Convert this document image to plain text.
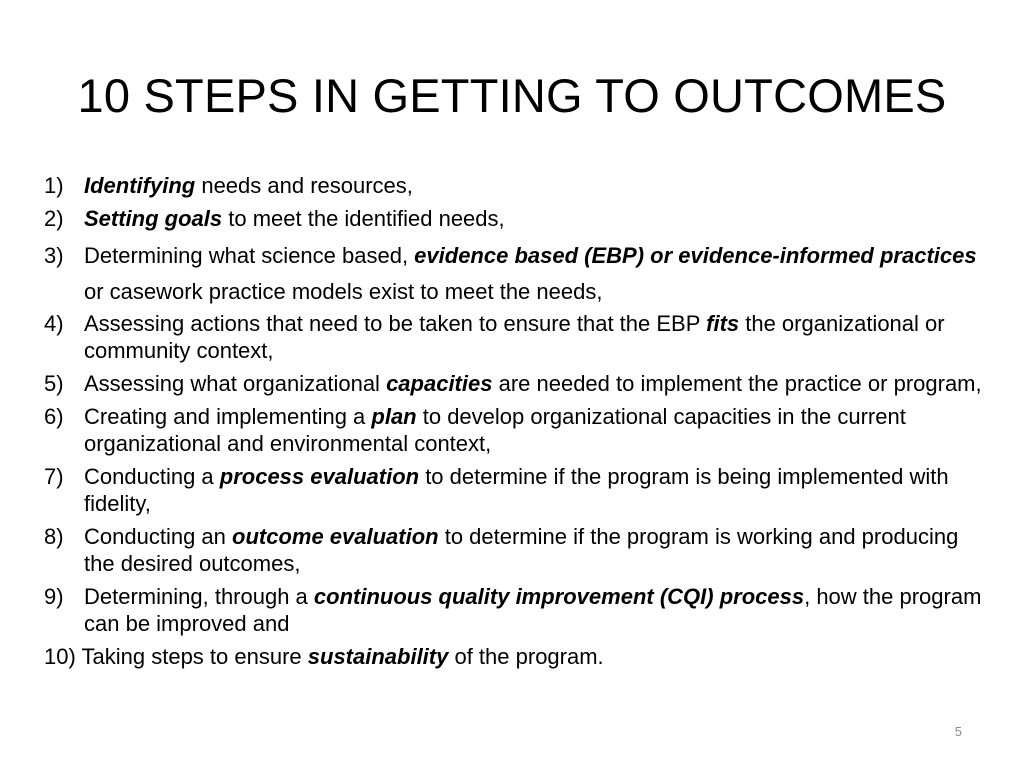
10 STEPS IN GETTING TO OUTCOMES
1) Identifying needs and resources,
2) Setting goals to meet the identified needs,
3) Determining what science based, evidence based (EBP) or evidence-informed practices or casework practice models exist to meet the needs,
4) Assessing actions that need to be taken to ensure that the EBP fits the organizational or community context,
5) Assessing what organizational capacities are needed to implement the practice or program,
6) Creating and implementing a plan to develop organizational capacities in the current organizational and environmental context,
7) Conducting a process evaluation to determine if the program is being implemented with fidelity,
8) Conducting an outcome evaluation to determine if the program is working and producing the desired outcomes,
9) Determining, through a continuous quality improvement (CQI) process, how the program can be improved and
10) Taking steps to ensure sustainability of the program.
5
